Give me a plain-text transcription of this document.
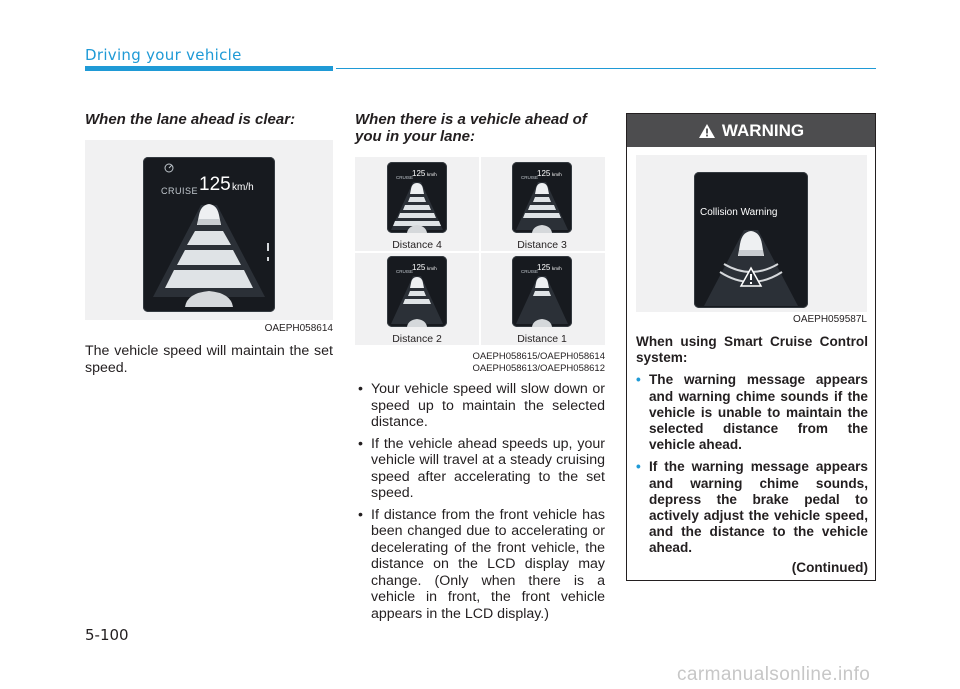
Driving your vehicle
When the lane ahead is clear:
CRUISE 125 km/h
OAEPH058614
The vehicle speed will maintain the set speed.
When there is a vehicle ahead of you in your lane:
CRUISE
125 km/h
Distance 4
CRUISE
125 km/h
Distance 3
CRUISE
125 km/h
Distance 2
CRUISE
125 km/h
Distance 1
OAEPH058615/OAEPH058614
OAEPH058613/OAEPH058612
• Your vehicle speed will slow down or speed up to maintain the selected distance.
• If the vehicle ahead speeds up, your vehicle will travel at a steady cruising speed after accelerating to the set speed.
• If distance from the front vehicle has been changed due to accelerating or decelerating of the front vehicle, the distance on the LCD display may change. (Only when there is a vehicle in front, the front vehicle appears in the LCD display.)
WARNING
Collision Warning
OAEPH059587L
When using Smart Cruise Control system:
• The warning message appears and warning chime sounds if the vehicle is unable to maintain the selected distance from the vehicle ahead.
• If the warning message appears and warning chime sounds, depress the brake pedal to actively adjust the vehicle speed, and the distance to the vehicle ahead.
(Continued)
5-100
carmanualsonline.info
